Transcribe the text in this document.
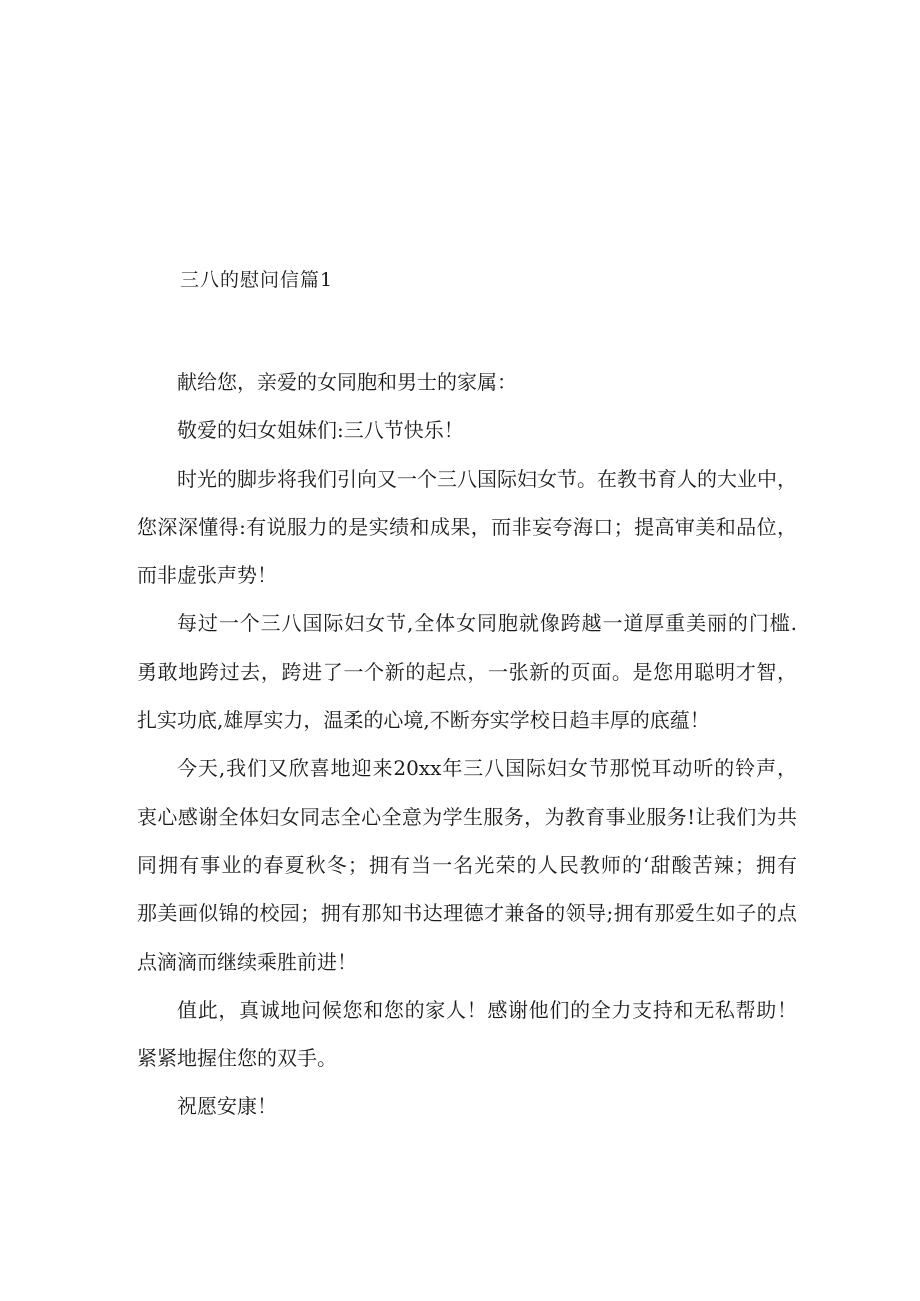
三八的慰问信篇1
献给您，亲爱的女同胞和男士的家属：
敬爱的妇女姐妹们:三八节快乐！
时光的脚步将我们引向又一个三八国际妇女节。在教书育人的大业中，
您深深懂得:有说服力的是实绩和成果，而非妄夸海口；提高审美和品位，
而非虚张声势！
每过一个三八国际妇女节,全体女同胞就像跨越一道厚重美丽的门槛.
勇敢地跨过去，跨进了一个新的起点，一张新的页面。是您用聪明才智，
扎实功底,雄厚实力，温柔的心境,不断夯实学校日趋丰厚的底蕴！
今天,我们又欣喜地迎来20xx年三八国际妇女节那悦耳动听的铃声，
衷心感谢全体妇女同志全心全意为学生服务，为教育事业服务!让我们为共
同拥有事业的春夏秋冬；拥有当一名光荣的人民教师的‘甜酸苦辣；拥有
那美画似锦的校园；拥有那知书达理德才兼备的领导;拥有那爱生如子的点
点滴滴而继续乘胜前进！
值此，真诚地问候您和您的家人！感谢他们的全力支持和无私帮助！
紧紧地握住您的双手。
祝愿安康！
